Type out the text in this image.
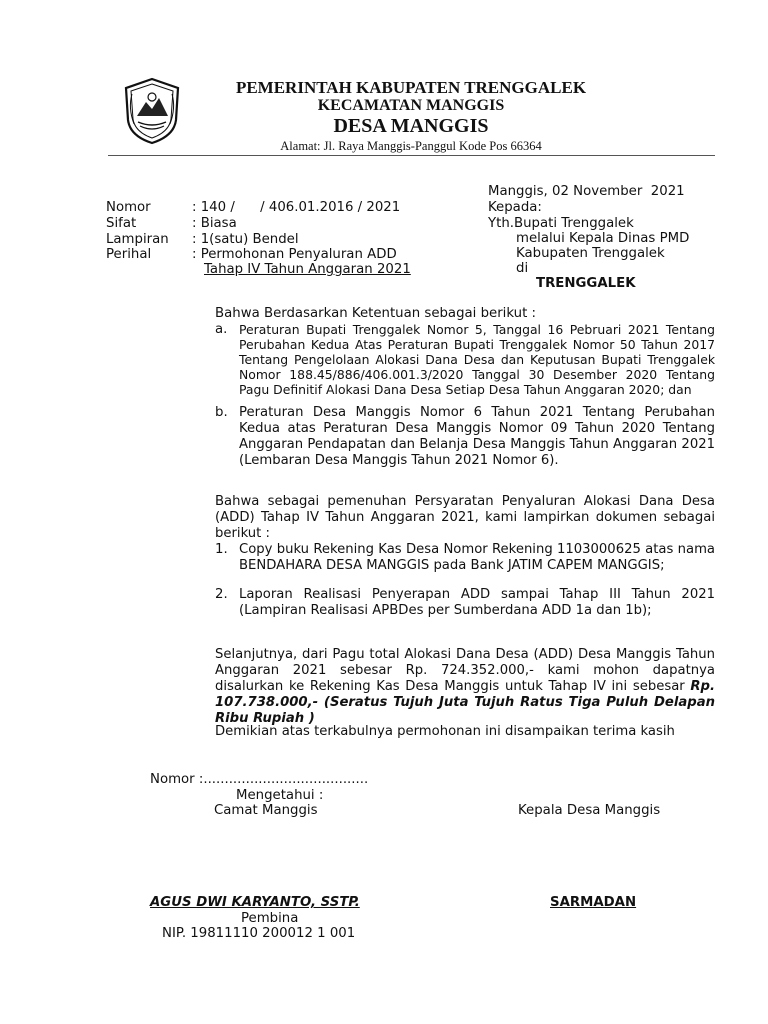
PEMERINTAH KABUPATEN TRENGGALEK
KECAMATAN MANGGIS
DESA MANGGIS
Alamat: Jl. Raya Manggis-Panggul Kode Pos 66364
Nomor	: 140 /      / 406.01.2016 / 2021
Sifat	: Biasa
Lampiran : 1(satu) Bendel
Perihal	: Permohonan Penyaluran ADD
Tahap IV Tahun Anggaran 2021
Manggis, 02 November  2021
Kepada:
Yth.Bupati Trenggalek
melalui Kepala Dinas PMD
Kabupaten Trenggalek
di
TRENGGALEK
Bahwa Berdasarkan Ketentuan sebagai berikut :
a. Peraturan Bupati Trenggalek Nomor 5, Tanggal 16 Pebruari 2021 Tentang Perubahan Kedua Atas Peraturan Bupati Trenggalek Nomor 50 Tahun 2017 Tentang Pengelolaan Alokasi Dana Desa dan Keputusan Bupati Trenggalek Nomor 188.45/886/406.001.3/2020 Tanggal 30 Desember 2020 Tentang Pagu Definitif Alokasi Dana Desa Setiap Desa Tahun Anggaran 2020; dan
b. Peraturan Desa Manggis Nomor 6 Tahun 2021 Tentang Perubahan Kedua atas Peraturan Desa Manggis Nomor 09 Tahun 2020 Tentang Anggaran Pendapatan dan Belanja Desa Manggis Tahun Anggaran 2021 (Lembaran Desa Manggis Tahun 2021 Nomor 6).
Bahwa sebagai pemenuhan Persyaratan Penyaluran Alokasi Dana Desa (ADD) Tahap IV Tahun Anggaran 2021, kami lampirkan dokumen sebagai berikut :
1. Copy buku Rekening Kas Desa Nomor Rekening 1103000625 atas nama BENDAHARA DESA MANGGIS pada Bank JATIM CAPEM MANGGIS;
2. Laporan Realisasi Penyerapan ADD sampai Tahap III Tahun 2021 (Lampiran Realisasi APBDes per Sumberdana ADD 1a dan 1b);
Selanjutnya, dari Pagu total Alokasi Dana Desa (ADD) Desa Manggis Tahun Anggaran 2021 sebesar Rp. 724.352.000,- kami mohon dapatnya disalurkan ke Rekening Kas Desa Manggis untuk Tahap IV ini sebesar Rp. 107.738.000,- (Seratus Tujuh Juta Tujuh Ratus Tiga Puluh Delapan Ribu Rupiah )
Demikian atas terkabulnya permohonan ini disampaikan terima kasih
Nomor :.......................................
Mengetahui :
Camat Manggis	Kepala Desa Manggis
AGUS DWI KARYANTO, SSTP.	SARMADAN
Pembina
NIP. 19811110 200012 1 001
